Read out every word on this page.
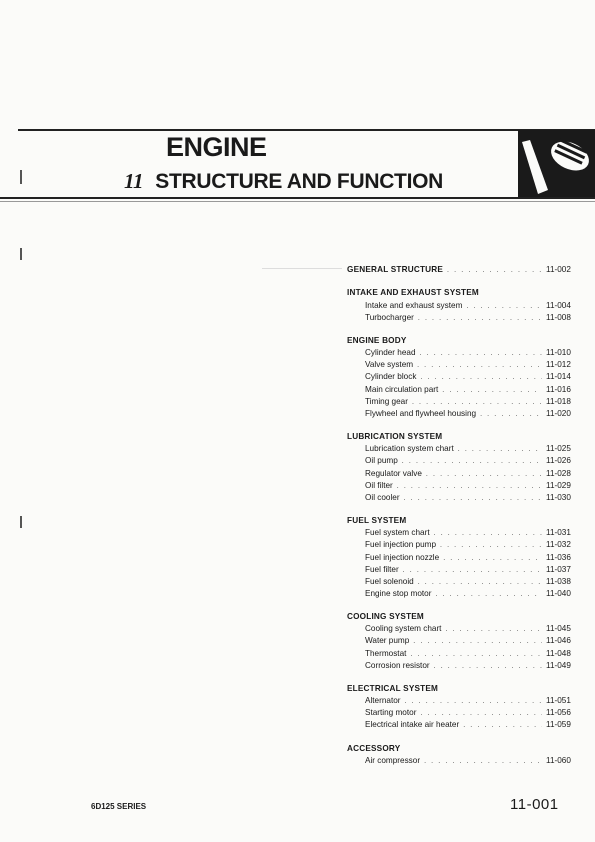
ENGINE
11 STRUCTURE AND FUNCTION
GENERAL STRUCTURE . . .	11-002
INTAKE AND EXHAUST SYSTEM
Intake and exhaust system . . .	11-004
Turbocharger . . .	11-008
ENGINE BODY
Cylinder head . . .	11-010
Valve system . . .	11-012
Cylinder block . . .	11-014
Main circulation part . . .	11-016
Timing gear . . .	11-018
Flywheel and flywheel housing . . .	11-020
LUBRICATION SYSTEM
Lubrication system chart . . .	11-025
Oil pump . . .	11-026
Regulator valve . . .	11-028
Oil filter . . .	11-029
Oil cooler . . .	11-030
FUEL SYSTEM
Fuel system chart . . .	11-031
Fuel injection pump . . .	11-032
Fuel injection nozzle . . .	11-036
Fuel filter . . .	11-037
Fuel solenoid . . .	11-038
Engine stop motor . . .	11-040
COOLING SYSTEM
Cooling system chart . . .	11-045
Water pump . . .	11-046
Thermostat . . .	11-048
Corrosion resistor . . .	11-049
ELECTRICAL SYSTEM
Alternator . . .	11-051
Starting motor . . .	11-056
Electrical intake air heater . . .	11-059
ACCESSORY
Air compressor . . .	11-060
6D125 SERIES	11-001
